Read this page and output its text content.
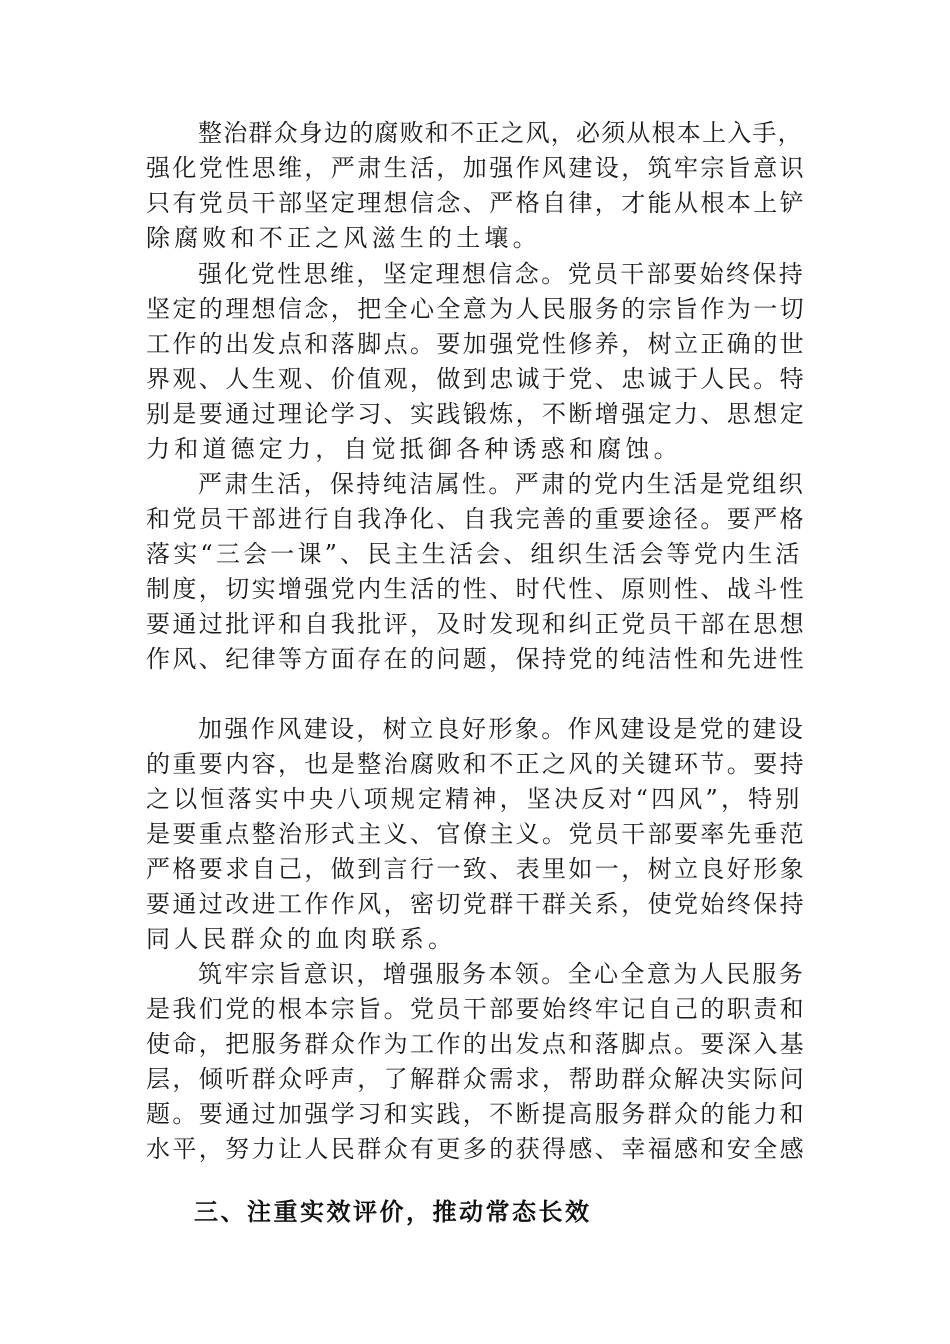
整治群众身边的腐败和不正之风，必须从根本上入手，
强化党性思维，严肃生活，加强作风建设，筑牢宗旨意识
只有党员干部坚定理想信念、严格自律，才能从根本上铲
除腐败和不正之风滋生的土壤。
强化党性思维，坚定理想信念。党员干部要始终保持
坚定的理想信念，把全心全意为人民服务的宗旨作为一切
工作的出发点和落脚点。要加强党性修养，树立正确的世
界观、人生观、价值观，做到忠诚于党、忠诚于人民。特
别是要通过理论学习、实践锻炼，不断增强定力、思想定
力和道德定力，自觉抵御各种诱惑和腐蚀。
严肃生活，保持纯洁属性。严肃的党内生活是党组织
和党员干部进行自我净化、自我完善的重要途径。要严格
落实“三会一课”、民主生活会、组织生活会等党内生活
制度，切实增强党内生活的性、时代性、原则性、战斗性
要通过批评和自我批评，及时发现和纠正党员干部在思想
作风、纪律等方面存在的问题，保持党的纯洁性和先进性
加强作风建设，树立良好形象。作风建设是党的建设
的重要内容，也是整治腐败和不正之风的关键环节。要持
之以恒落实中央八项规定精神，坚决反对“四风”，特别
是要重点整治形式主义、官僚主义。党员干部要率先垂范
严格要求自己，做到言行一致、表里如一，树立良好形象
要通过改进工作作风，密切党群干群关系，使党始终保持
同人民群众的血肉联系。
筑牢宗旨意识，增强服务本领。全心全意为人民服务
是我们党的根本宗旨。党员干部要始终牢记自己的职责和
使命，把服务群众作为工作的出发点和落脚点。要深入基
层，倾听群众呼声，了解群众需求，帮助群众解决实际问
题。要通过加强学习和实践，不断提高服务群众的能力和
水平，努力让人民群众有更多的获得感、幸福感和安全感
三、注重实效评价，推动常态长效
